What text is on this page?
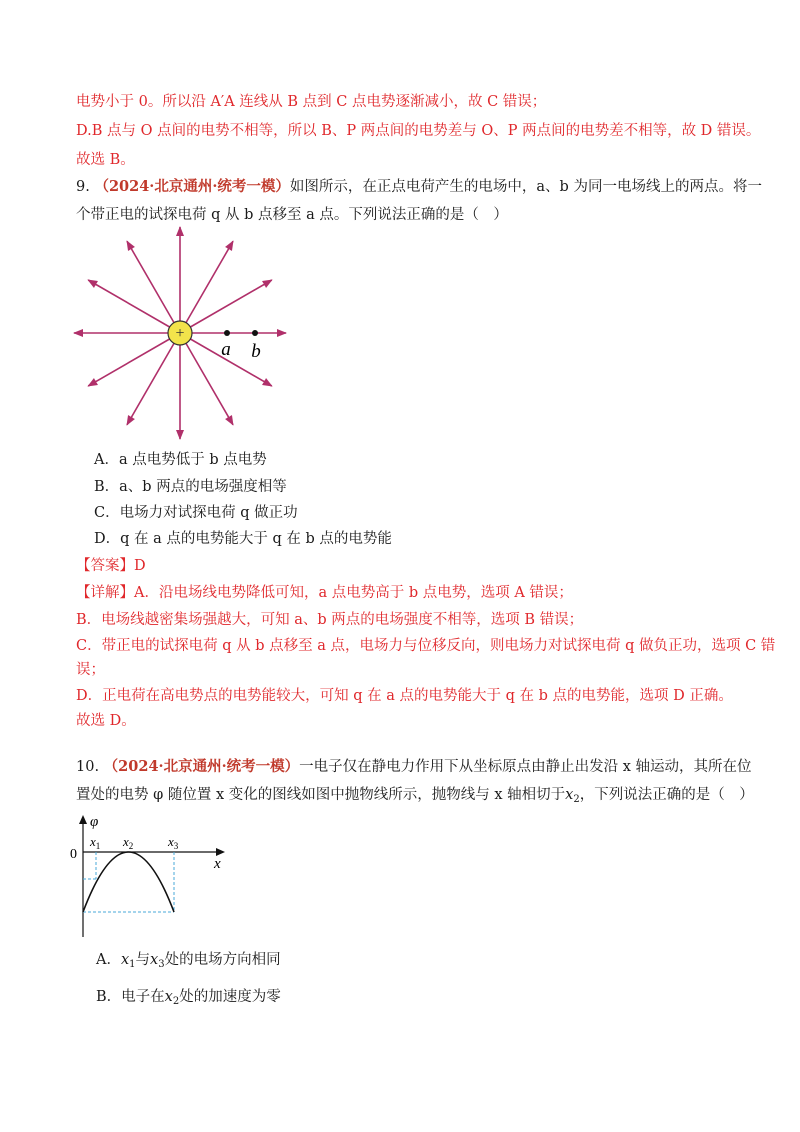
电势小于 0。所以沿 A′A 连线从 B 点到 C 点电势逐渐减小，故 C 错误；
D.B 点与 O 点间的电势不相等，所以 B、P 两点间的电势差与 O、P 两点间的电势差不相等，故 D 错误。
故选 B。
9. （2024·北京通州·统考一模）如图所示，在正点电荷产生的电场中，a、b 为同一电场线上的两点。将一
个带正电的试探电荷 q 从 b 点移至 a 点。下列说法正确的是（　）
+
a b
A．a 点电势低于 b 点电势
B．a、b 两点的电场强度相等
C．电场力对试探电荷 q 做正功
D．q 在 a 点的电势能大于 q 在 b 点的电势能
【答案】D
【详解】A．沿电场线电势降低可知，a 点电势高于 b 点电势，选项 A 错误；
B．电场线越密集场强越大，可知 a、b 两点的电场强度不相等，选项 B 错误；
C．带正电的试探电荷 q 从 b 点移至 a 点，电场力与位移反向，则电场力对试探电荷 q 做负正功，选项 C 错
误；
D．正电荷在高电势点的电势能较大，可知 q 在 a 点的电势能大于 q 在 b 点的电势能，选项 D 正确。
故选 D。
10. （2024·北京通州·统考一模）一电子仅在静电力作用下从坐标原点由静止出发沿 x 轴运动，其所在位
置处的电势 φ 随位置 x 变化的图线如图中抛物线所示，抛物线与 x 轴相切于$x_2$，下列说法正确的是（　）
φ
x
0
$x_1$ $x_2$	$x_3$
A．$x_1$与$x_3$处的电场方向相同
B．电子在$x_2$处的加速度为零
